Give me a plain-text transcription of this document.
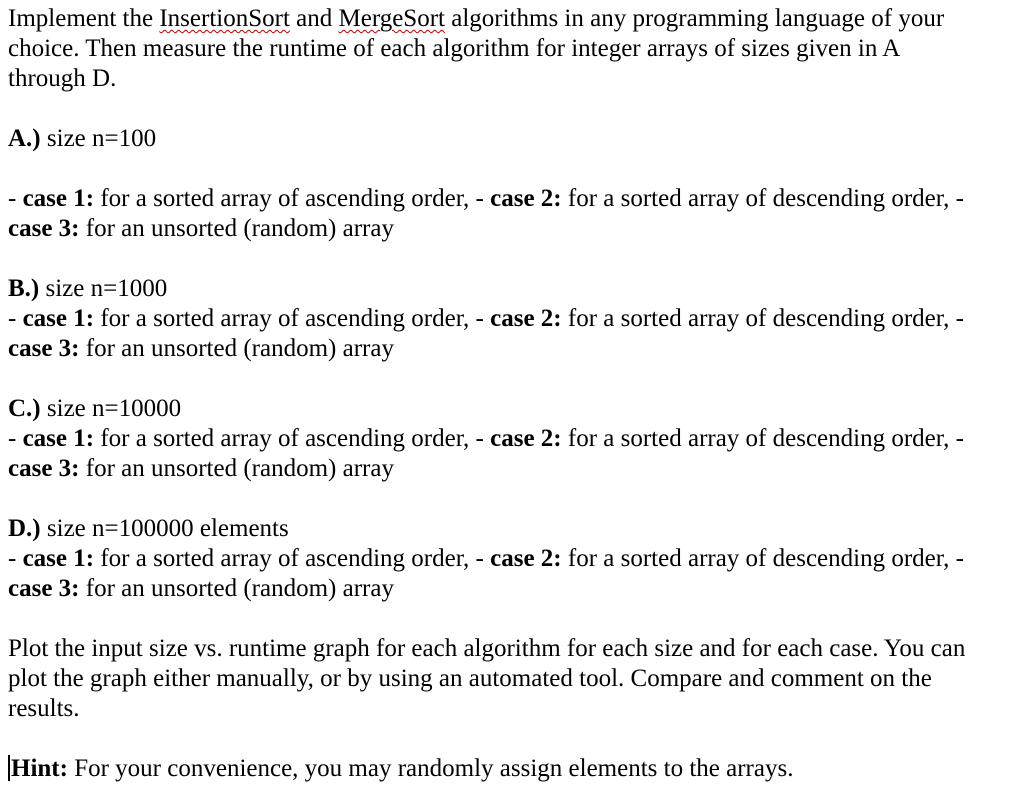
Implement the InsertionSort and MergeSort algorithms in any programming language of your
choice. Then measure the runtime of each algorithm for integer arrays of sizes given in A
through D.
A.) size n=100
- case 1: for a sorted array of ascending order, - case 2: for a sorted array of descending order, -
case 3: for an unsorted (random) array
B.) size n=1000
- case 1: for a sorted array of ascending order, - case 2: for a sorted array of descending order, -
case 3: for an unsorted (random) array
C.) size n=10000
- case 1: for a sorted array of ascending order, - case 2: for a sorted array of descending order, -
case 3: for an unsorted (random) array
D.) size n=100000 elements
- case 1: for a sorted array of ascending order, - case 2: for a sorted array of descending order, -
case 3: for an unsorted (random) array
Plot the input size vs. runtime graph for each algorithm for each size and for each case. You can
plot the graph either manually, or by using an automated tool. Compare and comment on the
results.
Hint: For your convenience, you may randomly assign elements to the arrays.
